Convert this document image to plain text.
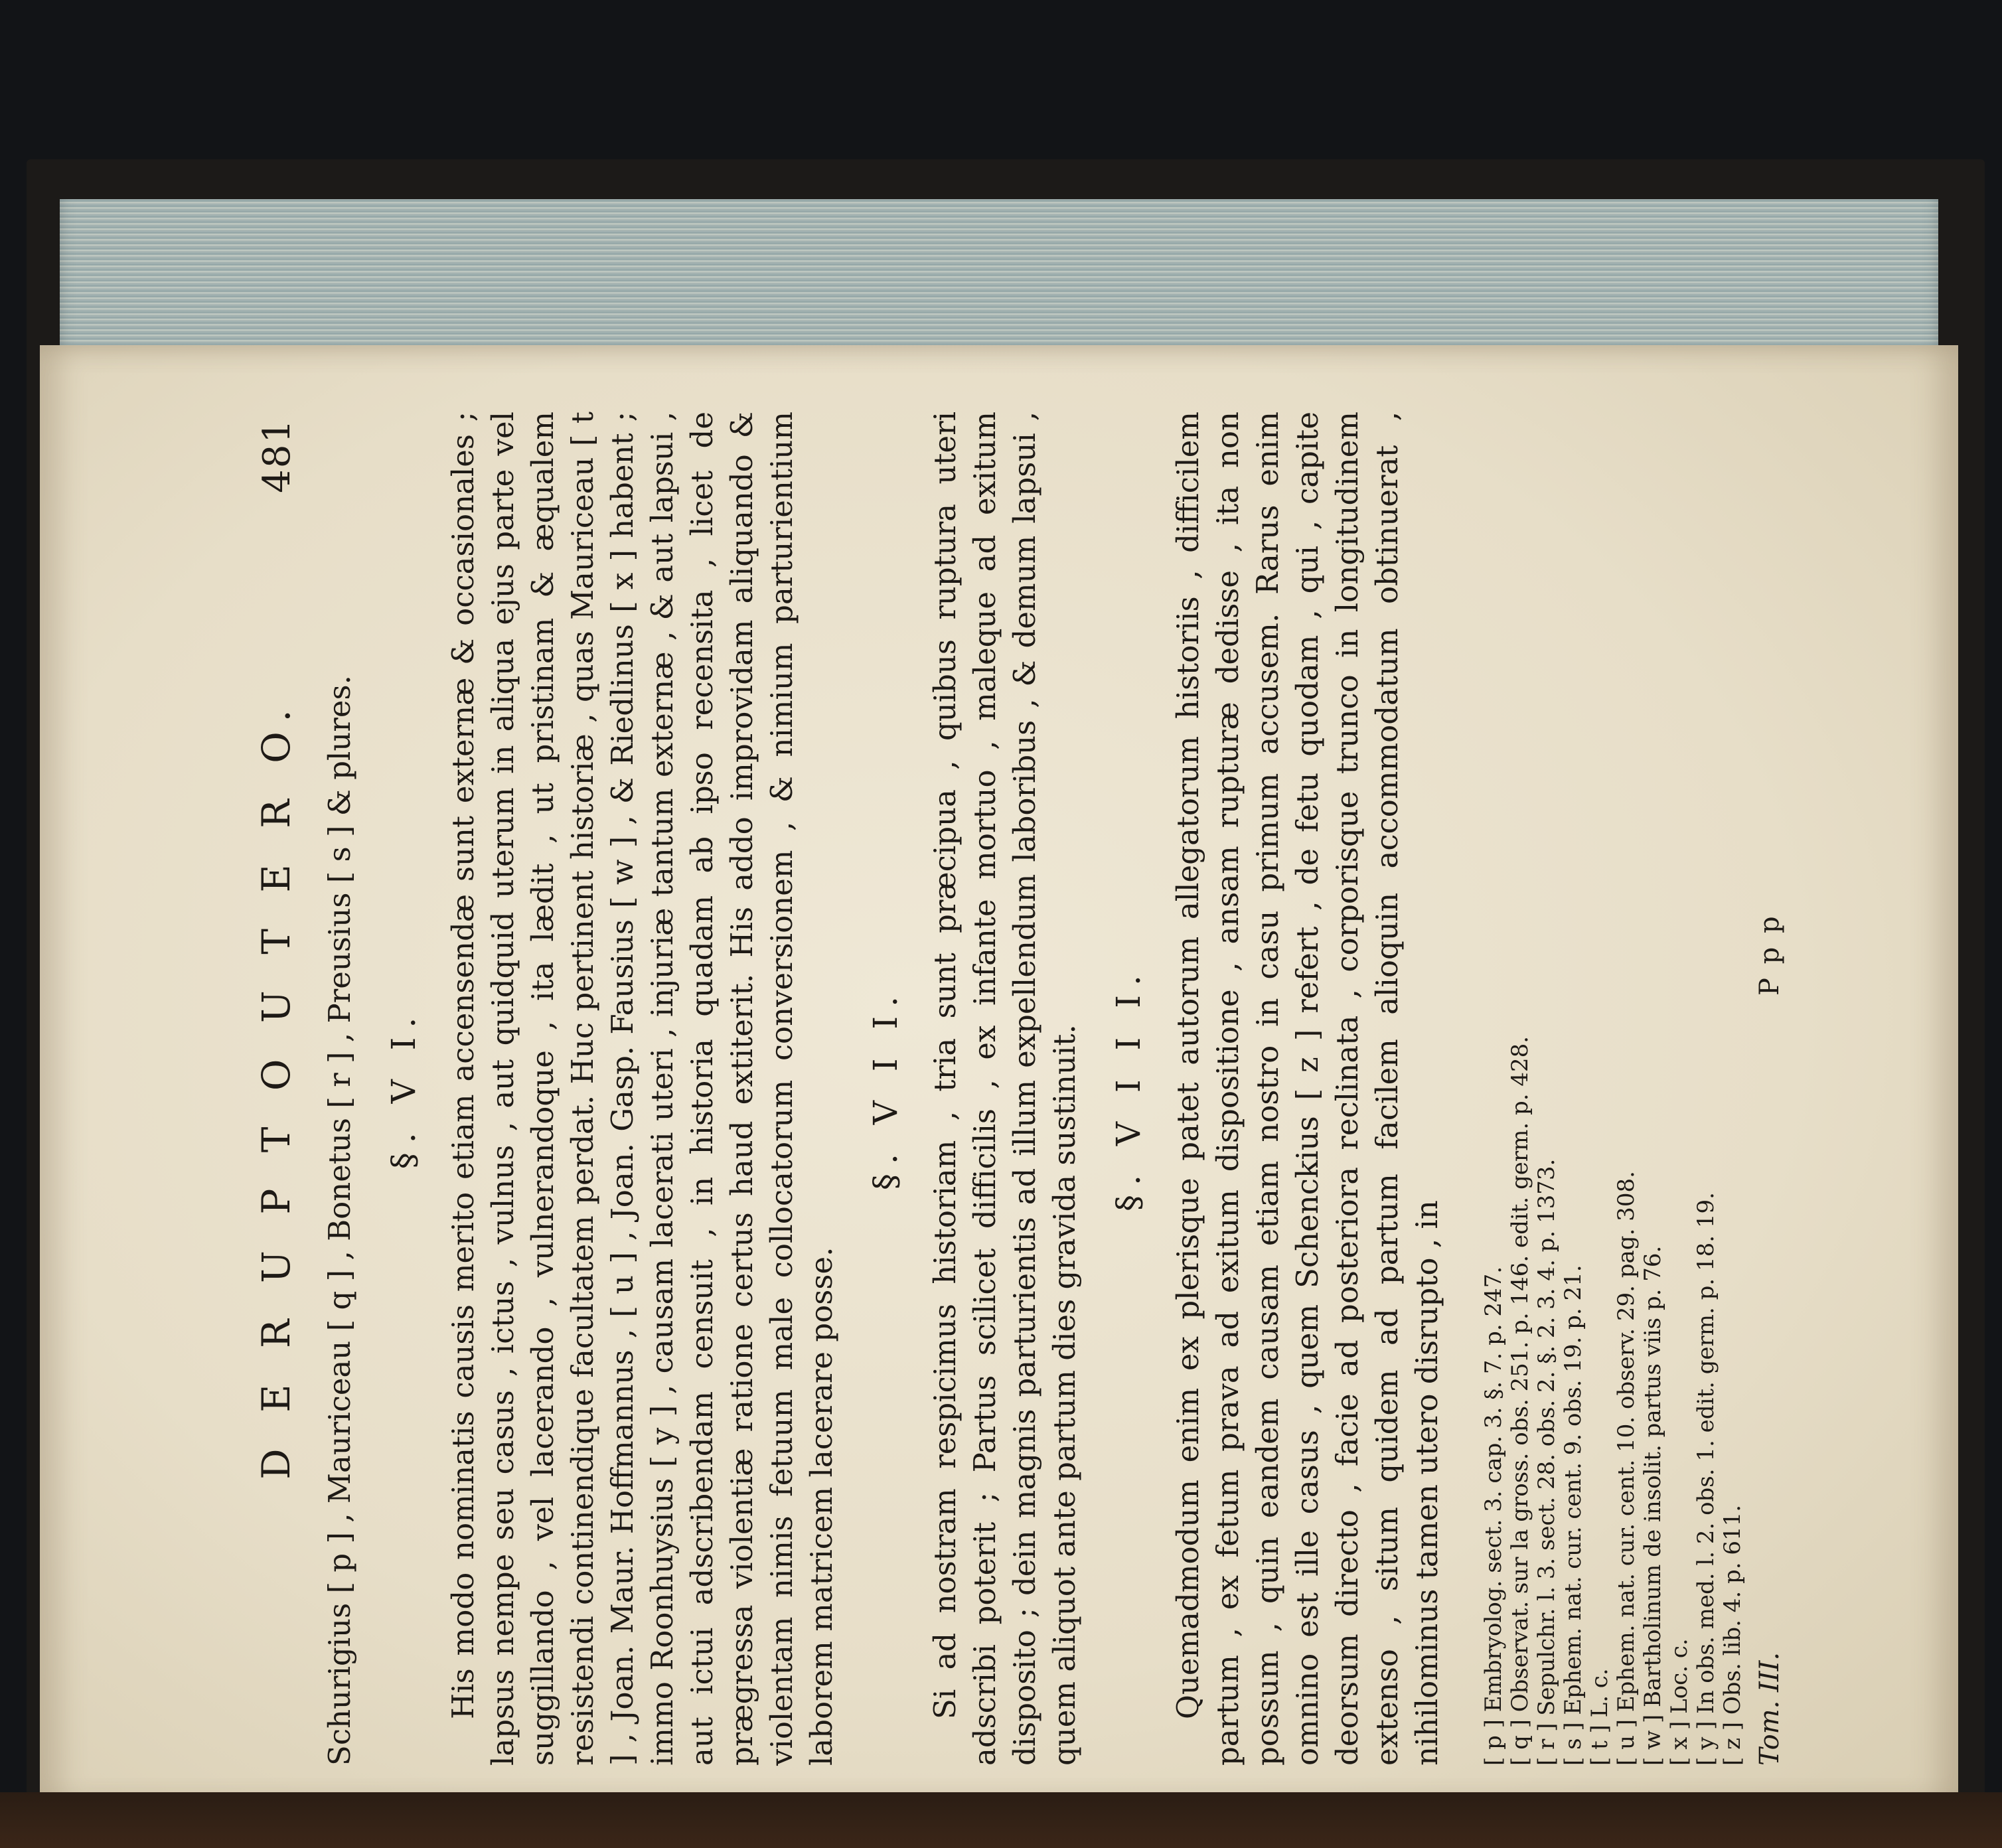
D E R U P T O U T E R O.
481

Schurigius [ p ] , Mauriceau [ q ] , Bonetus [ r ] , Preusius [ s ] & plures. §. V I. His modo nominatis causis merito etiam accensendæ sunt externæ & occasionales ; lapsus nempe seu casus , ictus , vulnus , aut quidquid uterum in aliqua ejus parte vel suggillando , vel lacerando , vulnerandoque , ita lædit , ut pristinam & æqualem resistendi continendique facultatem perdat. Huc pertinent historiæ , quas Mauriceau [ t ] , Joan. Maur. Hoffmannus , [ u ] , Joan. Gasp. Fausius [ w ] , & Riedlinus [ x ] habent ; immo Roonhuysius [ y ] , causam lacerati uteri , injuriæ tantum externæ , & aut lapsui , aut ictui adscribendam censuit , in historia quadam ab ipso recensita , licet de prægressa violentiæ ratione certus haud extiterit. His addo improvidam aliquando & violentam nimis fetuum male collocatorum conversionem , & nimium parturientium laborem matricem lacerare posse.

§. V I I. Si ad nostram respicimus historiam , tria sunt præcipua , quibus ruptura uteri adscribi poterit ; Partus scilicet difficilis , ex infante mortuo , maleque ad exitum disposito ; dein magnis parturientis ad illum expellendum laboribus , & demum lapsui , quem aliquot ante partum dies gravida sustinuit. §. V I I I. Quemadmodum enim ex plerisque patet autorum allegatorum historiis , difficilem partum , ex fetum prava ad exitum dispositione , ansam rupturæ dedisse , ita non possum , quin eandem causam etiam nostro in casu primum accusem. Rarus enim omnino est ille casus , quem Schenckius [ z ] refert , de fetu quodam , qui , capite deorsum directo , facie ad posteriora reclinata , corporisque trunco in longitudinem extenso , situm quidem ad partum facilem alioquin accommodatum obtinuerat , nihilominus tamen utero disrupto , in [ p ] Embryolog. sect. 3. cap. 3. §. 7. p. 247. [ q ] Observat. sur la gross. obs. 251. p. 146. edit. germ. p. 428. [ r ] Sepulchr. l. 3. sect. 28. obs. 2. §. 2. 3. 4. p. 1373. [ s ] Ephem. nat. cur. cent. 9. obs. 19. p. 21. [ t ] L. c. [ u ] Ephem. nat. cur. cent. 10. observ. 29. pag. 308. [ w ] Bartholinum de insolit. partus viis p. 76. [ x ] Loc. c. [ y ] In obs. med. l. 2. obs. 1. edit. germ. p. 18. 19. [ z ] Obs. lib. 4. p. 611. Tom. III.
P p p
